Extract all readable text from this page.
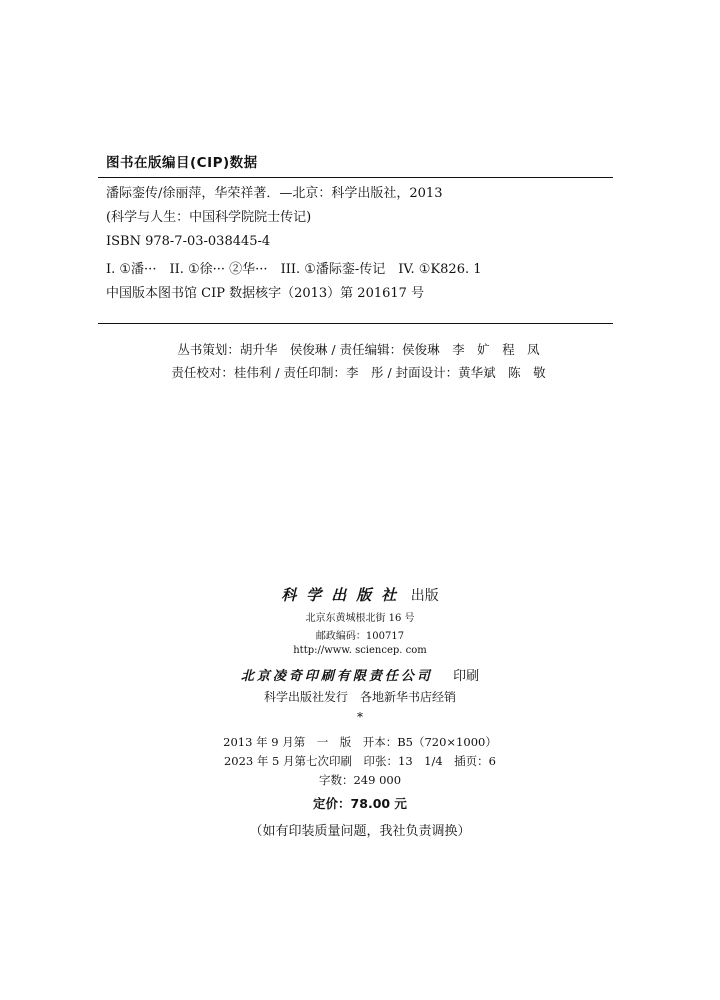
图书在版编目(CIP)数据
潘际銮传/徐丽萍，华荣祥著．—北京：科学出版社，2013
(科学与人生：中国科学院院士传记)
ISBN 978-7-03-038445-4
I. ①潘···　II. ①徐··· ②华···　III. ①潘际銮-传记　IV. ①K826. 1
中国版本图书馆 CIP 数据核字（2013）第 201617 号
丛书策划：胡升华　侯俊琳 / 责任编辑：侯俊琳　李　㚧　程　凤
责任校对：桂伟利 / 责任印制：李　彤 / 封面设计：黄华斌　陈　敬
科学出版社 出版
北京东黄城根北街 16 号
邮政编码：100717
http://www. sciencep. com
北京凌奇印刷有限责任公司 印刷
科学出版社发行　各地新华书店经销
*
2013 年 9 月第　一　版　开本：B5（720×1000）
2023 年 5 月第七次印刷　印张：13　1/4　插页：6
字数：249 000
定价：78.00 元
（如有印装质量问题，我社负责调换）
